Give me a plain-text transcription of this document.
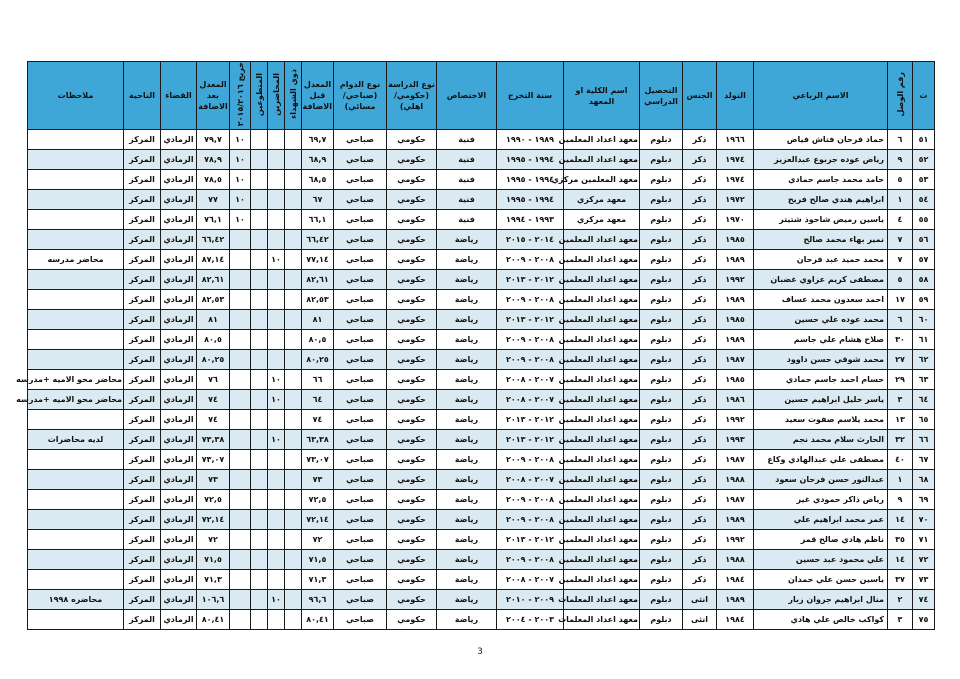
ت	رقم الوصل	الاسم الرباعي	التولد	الجنس	التحصيل الدراسي	اسم الكلية او المعهد	سنة التخرج	الاختصاص	نوع الدراسة (حكومي/اهلي)	نوع الدوام (صباحي/ مسائي)	المعدل قبل الاضافة	ذوي الشهداء	المحاضرين	المتطوعين	خريج ٢٠١٥/٢٠١٦	المعدل بعد الاضافة	القضاء	الناحية	ملاحظات
٥١	٦	حماد فرحان فتاش فياض	١٩٦٦	ذكر	دبلوم	معهد اعداد المعلمين	١٩٨٩ - ١٩٩٠	فنية	حكومي	صباحي	٦٩,٧				١٠	٧٩,٧	الرمادي	المركز	
٥٢	٩	رياض عوده جربوع عبدالعزيز	١٩٧٤	ذكر	دبلوم	معهد اعداد المعلمين	١٩٩٤ - ١٩٩٥	فنية	حكومي	صباحي	٦٨,٩				١٠	٧٨,٩	الرمادي	المركز	
٥٣	٥	حامد محمد جاسم حمادي	١٩٧٤	ذكر	دبلوم	معهد المعلمين مركزي	١٩٩٤ - ١٩٩٥	فنية	حكومي	صباحي	٦٨,٥				١٠	٧٨,٥	الرمادي	المركز	
٥٤	١	ابراهيم هندي صالح فريح	١٩٧٢	ذكر	دبلوم	معهد مركزي	١٩٩٤ - ١٩٩٥	فنية	حكومي	صباحي	٦٧				١٠	٧٧	الرمادي	المركز	
٥٥	٤	ياسين رميض شاحوذ شتيتر	١٩٧٠	ذكر	دبلوم	معهد مركزي	١٩٩٣ - ١٩٩٤	فنية	حكومي	صباحي	٦٦,١				١٠	٧٦,١	الرمادي	المركز	
٥٦	٧	نمير بهاء محمد صالح	١٩٨٥	ذكر	دبلوم	معهد اعداد المعلمين	٢٠١٤ - ٢٠١٥	رياضة	حكومي	صباحي	٦٦,٤٢					٦٦,٤٢	الرمادي	المركز	
٥٧	٧	محمد حميد عبد فرحان	١٩٨٩	ذكر	دبلوم	معهد اعداد المعلمين	٢٠٠٨ - ٢٠٠٩	رياضة	حكومي	صباحي	٧٧,١٤		١٠			٨٧,١٤	الرمادي	المركز	محاضر مدرسه
٥٨	٥	مصطفى كريم عزاوي غضبان	١٩٩٢	ذكر	دبلوم	معهد اعداد المعلمين	٢٠١٢ - ٢٠١٣	رياضة	حكومي	صباحي	٨٢,٦١					٨٢,٦١	الرمادي	المركز	
٥٩	١٧	احمد سعدون محمد عساف	١٩٨٩	ذكر	دبلوم	معهد اعداد المعلمين	٢٠٠٨ - ٢٠٠٩	رياضة	حكومي	صباحي	٨٢,٥٣					٨٢,٥٣	الرمادي	المركز	
٦٠	٦	محمد عوده علي حسين	١٩٨٥	ذكر	دبلوم	معهد اعداد المعلمين	٢٠١٢ - ٢٠١٣	رياضة	حكومي	صباحي	٨١					٨١	الرمادي	المركز	
٦١	٣٠	صلاح هشام علي جاسم	١٩٨٩	ذكر	دبلوم	معهد اعداد المعلمين	٢٠٠٨ - ٢٠٠٩	رياضة	حكومي	صباحي	٨٠,٥					٨٠,٥	الرمادي	المركز	
٦٢	٢٧	محمد شوقي حسن داوود	١٩٨٧	ذكر	دبلوم	معهد اعداد المعلمين	٢٠٠٨ - ٢٠٠٩	رياضة	حكومي	صباحي	٨٠,٢٥					٨٠,٢٥	الرمادي	المركز	
٦٣	٢٩	حسام احمد جاسم حمادي	١٩٨٥	ذكر	دبلوم	معهد اعداد المعلمين	٢٠٠٧ - ٢٠٠٨	رياضة	حكومي	صباحي	٦٦		١٠			٧٦	الرمادي	المركز	محاضر محو الاميه +مدرسه
٦٤	٣	ياسر خليل ابراهيم حسين	١٩٨٦	ذكر	دبلوم	معهد اعداد المعلمين	٢٠٠٧ - ٢٠٠٨	رياضة	حكومي	صباحي	٦٤		١٠			٧٤	الرمادي	المركز	محاضر محو الاميه +مدرسه
٦٥	١٣	محمد يلاسم صفوت سعيد	١٩٩٢	ذكر	دبلوم	معهد اعداد المعلمين	٢٠١٢ - ٢٠١٣	رياضة	حكومي	صباحي	٧٤					٧٤	الرمادي	المركز	
٦٦	٣٢	الحارث سلام محمد نجم	١٩٩٣	ذكر	دبلوم	معهد اعداد المعلمين	٢٠١٢ - ٢٠١٣	رياضة	حكومي	صباحي	٦٣,٣٨		١٠			٧٣,٣٨	الرمادي	المركز	لديه محاضرات
٦٧	٤٠	مصطفى علي عبدالهادي وكاع	١٩٨٧	ذكر	دبلوم	معهد اعداد المعلمين	٢٠٠٨ - ٢٠٠٩	رياضة	حكومي	صباحي	٧٣,٠٧					٧٣,٠٧	الرمادي	المركز	
٦٨	١	عبدالنور حسن فرحان سعود	١٩٨٨	ذكر	دبلوم	معهد اعداد المعلمين	٢٠٠٧ - ٢٠٠٨	رياضة	حكومي	صباحي	٧٣					٧٣	الرمادي	المركز	
٦٩	٩	رياض ذاكر حمودي غير	١٩٨٧	ذكر	دبلوم	معهد اعداد المعلمين	٢٠٠٨ - ٢٠٠٩	رياضة	حكومي	صباحي	٧٢,٥					٧٢,٥	الرمادي	المركز	
٧٠	١٤	عمر محمد ابراهيم علي	١٩٨٩	ذكر	دبلوم	معهد اعداد المعلمين	٢٠٠٨ - ٢٠٠٩	رياضة	حكومي	صباحي	٧٢,١٤					٧٢,١٤	الرمادي	المركز	
٧١	٣٥	ناظم هادي صالح قمر	١٩٩٢	ذكر	دبلوم	معهد اعداد المعلمين	٢٠١٢ - ٢٠١٣	رياضة	حكومي	صباحي	٧٢					٧٢	الرمادي	المركز	
٧٢	١٤	علي محمود عبد حسين	١٩٨٨	ذكر	دبلوم	معهد اعداد المعلمين	٢٠٠٨ - ٢٠٠٩	رياضة	حكومي	صباحي	٧١,٥					٧١,٥	الرمادي	المركز	
٧٣	٣٧	ياسين حسن علي حمدان	١٩٨٤	ذكر	دبلوم	معهد اعداد المعلمين	٢٠٠٧ - ٢٠٠٨	رياضة	حكومي	صباحي	٧١,٣					٧١,٣	الرمادي	المركز	
٧٤	٢	منال ابراهيم جروان زبار	١٩٨٩	انثى	دبلوم	معهد اعداد المعلمات	٢٠٠٩ - ٢٠١٠	رياضة	حكومي	صباحي	٩٦,٦		١٠			١٠٦,٦	الرمادي	المركز	محاضره ١٩٩٨
٧٥	٣	كواكب خالص علي هادي	١٩٨٤	انثى	دبلوم	معهد اعداد المعلمات	٢٠٠٣ - ٢٠٠٤	رياضة	حكومي	صباحي	٨٠,٤١					٨٠,٤١	الرمادي	المركز	
3
